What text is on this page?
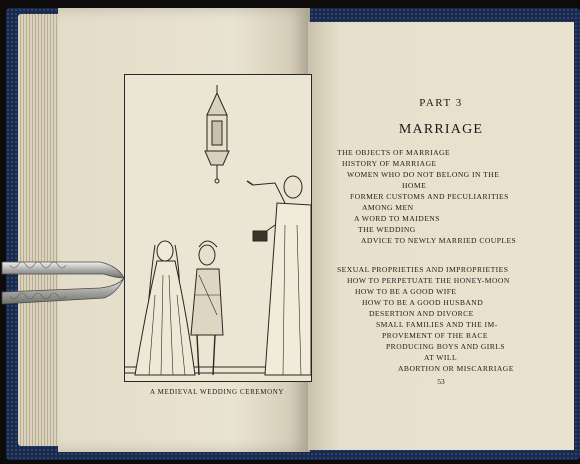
A MEDIEVAL WEDDING CEREMONY
PART 3
MARRIAGE
THE OBJECTS OF MARRIAGE
HISTORY OF MARRIAGE
WOMEN WHO DO NOT BELONG IN THE
HOME
FORMER CUSTOMS AND PECULIARITIES
AMONG MEN
A WORD TO MAIDENS
THE WEDDING
ADVICE TO NEWLY MARRIED COUPLES
SEXUAL PROPRIETIES AND IMPROPRIETIES
HOW TO PERPETUATE THE HONEY-MOON
HOW TO BE A GOOD WIFE
HOW TO BE A GOOD HUSBAND
DESERTION AND DIVORCE
SMALL FAMILIES AND THE IM-
PROVEMENT OF THE RACE
PRODUCING BOYS AND GIRLS
AT WILL
ABORTION OR MISCARRIAGE
53
